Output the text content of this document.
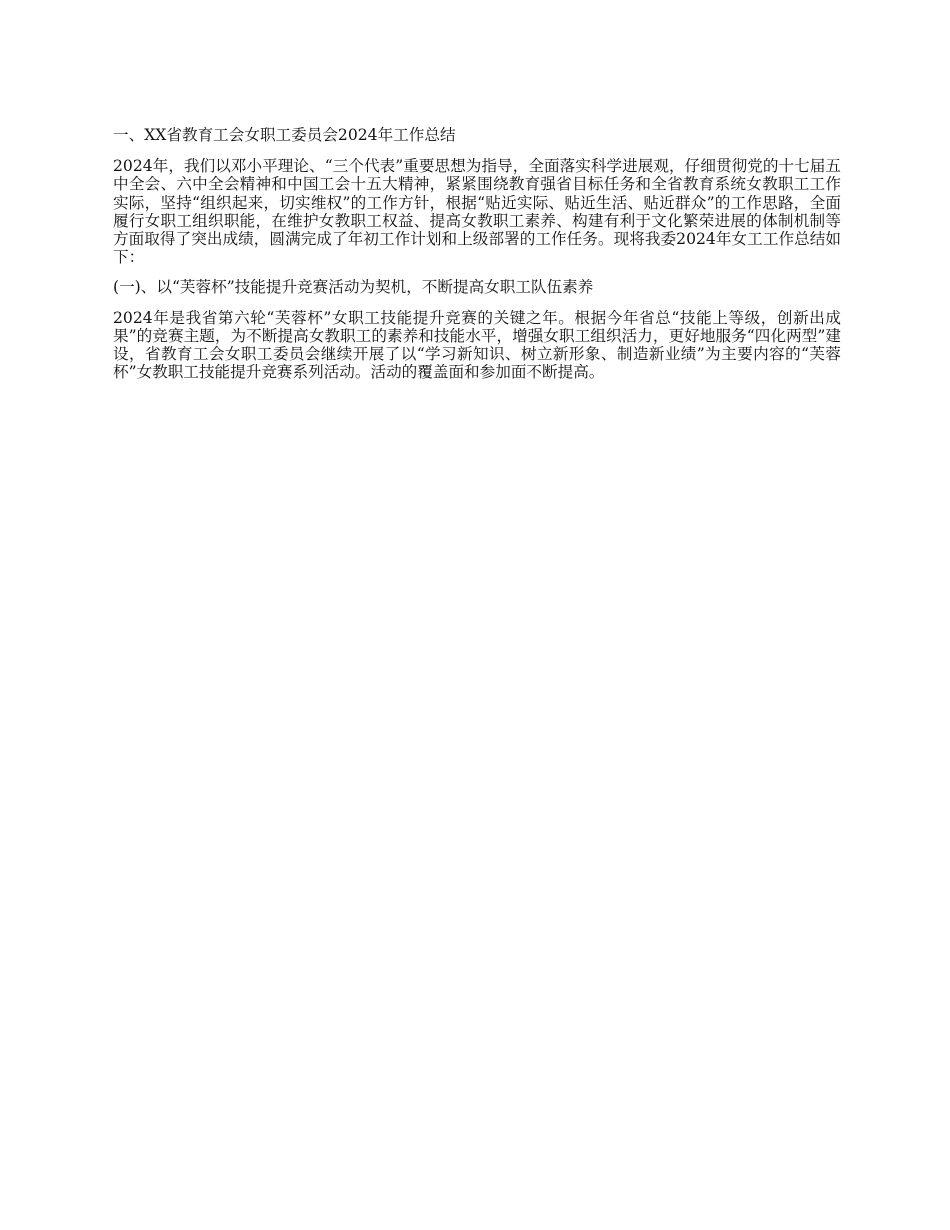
一、XX省教育工会女职工委员会2024年工作总结

2024年，我们以邓小平理论、“三个代表”重要思想为指导，全面落实科学进展观，仔细贯彻党的十七届五中全会、六中全会精神和中国工会十五大精神，紧紧围绕教育强省目标任务和全省教育系统女教职工工作实际，坚持“组织起来，切实维权”的工作方针，根据“贴近实际、贴近生活、贴近群众”的工作思路，全面履行女职工组织职能，在维护女教职工权益、提高女教职工素养、构建有利于文化繁荣进展的体制机制等方面取得了突出成绩，圆满完成了年初工作计划和上级部署的工作任务。现将我委2024年女工工作总结如下：

(一)、以“芙蓉杯”技能提升竞赛活动为契机，不断提高女职工队伍素养

2024年是我省第六轮“芙蓉杯”女职工技能提升竞赛的关键之年。根据今年省总“技能上等级，创新出成果”的竞赛主题，为不断提高女教职工的素养和技能水平，增强女职工组织活力，更好地服务“四化两型”建设，省教育工会女职工委员会继续开展了以“学习新知识、树立新形象、制造新业绩”为主要内容的“芙蓉杯”女教职工技能提升竞赛系列活动。活动的覆盖面和参加面不断提高。
